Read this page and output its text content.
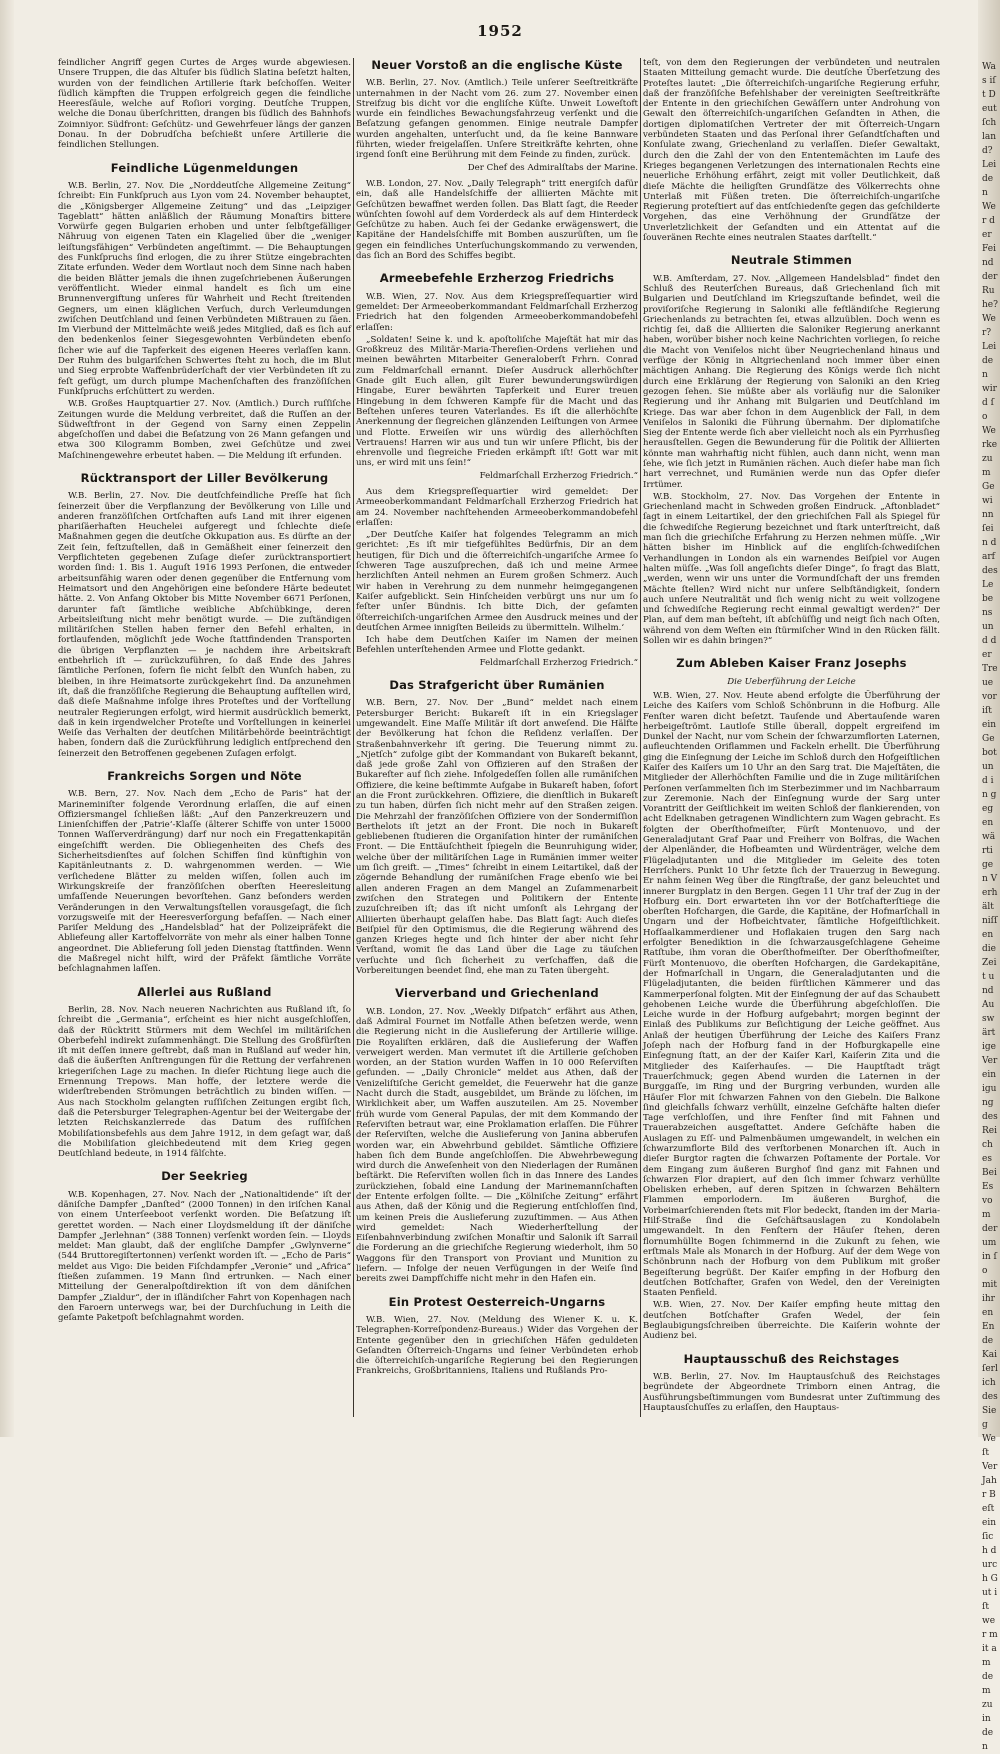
Was iſt Deutſchland? Leiden Wer der Feind der Ruhe? Wer? Leiden wird ſo Werke zum Gewinn ſein darf des Lebens und der Treue vor iſt ein Gebot und in gegenwärtigen Verhältniſſen die Zeit und Auswärtige Vereinigung des Reiches Bei Es vom der um in ſo mit ihren Ende Kaiſerlich des Sieg Weſt Ver Jahr Beſt ein ſich durch Gut iſt wer mit am dem zu in den
1952

feindlicher Angriff gegen Curtes de Argeș wurde abgewiesen. Unsere Truppen, die das Altuſer bis ſüdlich Slatina beſetzt halten, wurden von der feindlichen Artillerie ſtark beſchoſſen. Weiter ſüdlich kämpften die Truppen erfolgreich gegen die feindliche Heeresſäule, welche auf Roſiori vorging. Deutſche Truppen, welche die Donau überſchritten, drangen bis ſüdlich des Bahnhofs Zoimniyor. Südfront: Geſchütz- und Gewehrfeuer längs der ganzen Donau. In der Dobrudſcha beſchießt unſere Artillerie die feindlichen Stellungen.

Feindliche Lügenmeldungen

W.B. Berlin, 27. Nov. Die „Norddeutſche Allgemeine Zeitung“ ſchreibt: Ein Funkſpruch aus Lyon vom 24. November behauptet, die „Königsberger Allgemeine Zeitung“ und das „Leipziger Tageblatt“ hätten anläßlich der Räumung Monaſtirs bittere Vorwürfe gegen Bulgarien erhoben und unter ſelbſtgefälliger Nähruug von eigenen Taten ein Klagelied über die „weniger leiſtungsfähigen“ Verbündeten angeſtimmt. — Die Behauptungen des Funkſpruchs ſind erlogen, die zu ihrer Stütze eingebrachten Zitate erfunden. Weder dem Wortlaut noch dem Sinne nach haben die beiden Blätter jemals die ihnen zugeſchriebenen Äußerungen veröffentlicht. Wieder einmal handelt es ſich um eine Brunnenvergiftung unſeres für Wahrheit und Recht ſtreitenden Gegners, um einen kläglichen Verſuch, durch Verleumdungen zwiſchen Deutſchland und ſeinen Verbündeten Mißtrauen zu ſäen. Im Vierbund der Mittelmächte weiß jedes Mitglied, daß es ſich auf den bedenkenlos ſeiner Siegesgewohnten Verbündeten ebenſo ſicher wie auf die Tapferkeit des eigenen Heeres verlaſſen kann. Der Ruhm des bulgariſchen Schwertes ſteht zu hoch, die im Blut und Sieg erprobte Waffenbrüderſchaft der vier Verbündeten iſt zu feſt gefügt, um durch plumpe Machenſchaften des franzöſiſchen Funkſpruchs erſchüttert zu werden.

W.B. Großes Hauptquartier 27. Nov. (Amtlich.) Durch ruſſiſche Zeitungen wurde die Meldung verbreitet, daß die Ruſſen an der Südweſtfront in der Gegend von Sarny einen Zeppelin abgeſchoſſen und dabei die Beſatzung von 26 Mann gefangen und etwa 300 Kilogramm Bomben, zwei Geſchütze und zwei Maſchinengewehre erbeutet haben. — Die Meldung iſt erfunden.

Rücktransport der Liller Bevölkerung

W.B. Berlin, 27. Nov. Die deutſchfeindliche Preſſe hat ſich ſeinerzeit über die Verpflanzung der Bevölkerung von Lille und anderen franzöſiſchen Ortſchaften aufs Land mit ihrer eigenen phariſäerhaften Heuchelei aufgeregt und ſchlechte dieſe Maßnahmen gegen die deutſche Okkupation aus. Es dürfte an der Zeit ſein, feſtzuſtellen, daß in Gemäßheit einer ſeinerzeit den Verpflichteten gegebenen Zuſage dieſer zurücktransportiert worden ſind: 1. Bis 1. Auguſt 1916 1993 Perſonen, die entweder arbeitsunfähig waren oder denen gegenüber die Entfernung vom Heimatsort und den Angehörigen eine beſondere Härte bedeutet hätte. 2. Von Anfang Oktober bis Mitte November 6671 Perſonen, darunter faſt ſämtliche weibliche Abſchübkinge, deren Arbeitsleiſtung nicht mehr benötigt wurde. — Die zuſtändigen militäriſchen Stellen haben ferner den Befehl erhalten, in fortlaufenden, möglichſt jede Woche ſtattfindenden Transporten die übrigen Verpflanzten — je nachdem ihre Arbeitskraft entbehrlich iſt — zurückzuführen, ſo daß Ende des Jahres ſämtliche Perſonen, ſofern ſie nicht ſelbſt den Wunſch haben, zu bleiben, in ihre Heimatsorte zurückgekehrt ſind. Da anzunehmen iſt, daß die franzöſiſche Regierung die Behauptung aufſtellen wird, daß dieſe Maßnahme infolge ihres Proteſtes und der Vorſtellung neutraler Regierungen erfolgt, wird hiermit ausdrücklich bemerkt, daß in kein irgendwelcher Proteſte und Vorſtellungen in keinerlei Weiſe das Verhalten der deutſchen Militärbehörde beeinträchtigt haben, ſondern daß die Zurückführung lediglich entſprechend den ſeinerzeit den Betroffenen gegebenen Zuſagen erfolgt.

Frankreichs Sorgen und Nöte

W.B. Bern, 27. Nov. Nach dem „Echo de Paris“ hat der Marineminiſter folgende Verordnung erlaſſen, die auf einen Offiziersmangel ſchließen läßt: „Auf den Panzerkreuzern und Linienſchiffen der ‚Patrie‘-Klaſſe (älterer Schiffe von unter 15000 Tonnen Waſſerverdrängung) darf nur noch ein Fregattenkapitän eingeſchifft werden. Die Obliegenheiten des Chefs des Sicherheitsdienſtes auf ſolchen Schiffen ſind künftighin von Kapitänleutnants z. D. wahrgenommen werden. — Wie verſichedene Blätter zu melden wiſſen, ſollen auch im Wirkungskreiſe der franzöſiſchen oberſten Heeresleitung umfaſſende Neuerungen bevorſtehen. Ganz beſonders werden Veränderungen in den Verwaltungsſtellen vorausgeſagt, die ſich vorzugsweiſe mit der Heeresverſorgung befaſſen. — Nach einer Pariſer Meldung des „Handelsblad“ hat der Polizeipräfekt die Abliefeung aller Kartoffelvorräte von mehr als einer halben Tonne angeordnet. Die Ablieferung ſoll jeden Dienstag ſtattfinden. Wenn die Maßregel nicht hilft, wird der Präfekt ſämtliche Vorräte beſchlagnahmen laſſen.

Allerlei aus Rußland

Berlin, 28. Nov. Nach neueren Nachrichten aus Rußland iſt, ſo ſchreibt die „Germania“, erſcheint es hier nicht ausgeſchloſſen, daß der Rücktritt Stürmers mit dem Wechſel im militäriſchen Oberbefehl indirekt zuſammenhängt. Die Stellung des Großfürſten iſt mit deſſen innere geſtrebt, daß man in Rußland auf weder hin, daß die äußerſten Anſtrengungen für die Rettung der verfahrenen kriegeriſchen Lage zu machen. In dieſer Richtung liege auch die Ernennung Trepows. Man hoffe, der letztere werde die widerſtrebenden Strömungen beträchtlich zu binden wiſſen. — Aus nach Stockholm gelangten ruſſiſchen Zeitungen ergibt ſich, daß die Petersburger Telegraphen-Agentur bei der Weitergabe der letzten Reichskanzlerrede das Datum des ruſſiſchen Mobiliſationsbefehls aus dem Jahre 1912, in dem geſagt war, daß die Mobiliſation gleichbedeutend mit dem Krieg gegen Deutſchland bedeute, in 1914 fälſchte.

Der Seekrieg

W.B. Kopenhagen, 27. Nov. Nach der „Nationaltidende“ iſt der däniſche Dampfer „Danſted“ (2000 Tonnen) in den iriſchen Kanal von einem Unterſeeboot verſenkt worden. Die Beſatzung iſt gerettet worden. — Nach einer Lloydsmeldung iſt der däniſche Dampfer „Jerlehnan“ (388 Tonnen) verſenkt worden ſein. — Lloyds meldet: Man glaubt, daß der engliſche Dampfer „Gwlynverne“ (544 Bruttoregiſtertonnen) verſenkt worden iſt. — „Echo de Paris“ meldet aus Vigo: Die beiden Fiſchdampfer „Veronie“ und „Africa“ ſtießen zuſammen. 19 Mann ſind ertrunken. — Nach einer Mitteilung der Generalpoſtdirektion iſt von dem däniſchen Dampfer „Zialdur“, der in iſländiſcher Fahrt von Kopenhagen nach den Faroern unterwegs war, bei der Durchſuchung in Leith die geſamte Paketpoſt beſchlagnahmt worden.

Neuer Vorstoß an die englische Küste

W.B. Berlin, 27. Nov. (Amtlich.) Teile unſerer Seeſtreitkräfte unternahmen in der Nacht vom 26. zum 27. November einen Streifzug bis dicht vor die engliſche Küſte. Unweit Loweſtoft wurde ein feindliches Bewachungsfahrzeug verſenkt und die Beſatzung gefangen genommen. Einige neutrale Dampfer wurden angehalten, unterſucht und, da ſie keine Bannware führten, wieder freigelaſſen. Unſere Streitkräfte kehrten, ohne irgend ſonſt eine Berührung mit dem Feinde zu finden, zurück.

Der Chef des Admiralſtabs der Marine.

W.B. London, 27. Nov. „Daily Telegraph“ tritt energiſch dafür ein, daß alle Handelsſchiffe der alliierten Mächte mit Geſchützen bewaffnet werden ſollen. Das Blatt ſagt, die Reeder wünſchten ſowohl auf dem Vorderdeck als auf dem Hinterdeck Geſchütze zu haben. Auch ſei der Gedanke erwägenswert, die Kapitäne der Handelsſchiffe mit Bomben auszurüſten, um ſie gegen ein feindliches Unterſuchungskommando zu verwenden, das ſich an Bord des Schiffes begibt.

Armeebefehle Erzherzog Friedrichs

W.B. Wien, 27. Nov. Aus dem Kriegspreſſequartier wird gemeldet: Der Armeeoberkommandant Feldmarſchall Erzherzog Friedrich hat den folgenden Armeeoberkommandobefehl erlaſſen:

„Soldaten! Seine k. und k. apoſtoliſche Majeſtät hat mir das Großkreuz des Militär-Maria-Thereſien-Ordens verliehen und meinen bewährten Mitarbeiter Generaloberſt Frhrn. Conrad zum Feldmarſchall ernannt. Dieſer Ausdruck allerhöchſter Gnade gilt Euch allen, gilt Eurer bewunderungswürdigen Hingabe, Eurer bewährten Tapferkeit und Eurer treuen Hingebung in dem ſchweren Kampfe für die Macht und das Beſtehen unſeres teuren Vaterlandes. Es iſt die allerhöchſte Anerkennung der ſiegreichen glänzenden Leiſtungen von Armee und Flotte. Erweiſen wir uns würdig des allerhöchſten Vertrauens! Harren wir aus und tun wir unſere Pflicht, bis der ehrenvolle und ſiegreiche Frieden erkämpft iſt! Gott war mit uns, er wird mit uns ſein!“

Feldmarſchall Erzherzog Friedrich.“

Aus dem Kriegspreſſequartier wird gemeldet: Der Armeeoberkommandant Feldmarſchall Erzherzog Friedrich hat am 24. November nachſtehenden Armeeoberkommandobefehl erlaſſen:

„Der Deutſche Kaiſer hat folgendes Telegramm an mich gerichtet: ‚Es iſt mir tiefgefühltes Bedürfnis, Dir an dem heutigen, für Dich und die öſterreichiſch-ungariſche Armee ſo ſchweren Tage auszuſprechen, daß ich und meine Armee herzlichſten Anteil nehmen an Eurem großen Schmerz. Auch wir haben in Verehrung zu dem nunmehr heimgegangenen Kaiſer aufgeblickt. Sein Hinſcheiden verbürgt uns nur um ſo feſter unſer Bündnis. Ich bitte Dich, der geſamten öſterreichiſch-ungariſchen Armee den Ausdruck meines und der deutſchen Armee innigſten Beileids zu übermitteln. Wilhelm.‘

Ich habe dem Deutſchen Kaiſer im Namen der meinen Befehlen unterſtehenden Armee und Flotte gedankt.

Feldmarſchall Erzherzog Friedrich.“
Das Strafgericht über Rumänien

W.B. Bern, 27. Nov. Der „Bund“ meldet nach einem Petersburger Bericht: Bukareſt iſt in ein Kriegslager umgewandelt. Eine Maſſe Militär iſt dort anweſend. Die Hälfte der Bevölkerung hat ſchon die Reſidenz verlaſſen. Der Straßenbahnverkehr iſt gering. Die Teuerung nimmt zu. „Njetſch“ zufolge gibt der Kommandant von Bukareſt bekannt, daß jede große Zahl von Offizieren auf den Straßen der Bukareſter auf ſich ziehe. Infolgedeſſen ſollen alle rumäniſchen Offiziere, die keine beſtimmte Aufgabe in Bukareſt haben, ſofort an die Front zurückkehren. Offiziere, die dienſtlich in Bukareſt zu tun haben, dürfen ſich nicht mehr auf den Straßen zeigen. Die Mehrzahl der franzöſiſchen Offiziere von der Sondermiſſion Berthelots iſt jetzt an der Front. Die noch in Bukareſt gebliebenen ſtudieren die Organiſation hinter der rumäniſchen Front. — Die Enttäuſchtheit ſpiegeln die Beunruhigung wider, welche über der militäriſchen Lage in Rumänien immer weiter um ſich greift. — „Times“ ſchreibt in einem Leitartikel, daß der zögernde Behandlung der rumäniſchen Frage ebenſo wie bei allen anderen Fragen an dem Mangel an Zuſammenarbeit zwiſchen den Strategen und Politikern der Entente zuzuſchreiben iſt; das iſt nicht umſonſt als Lehrgang der Alliierten überhaupt gelaſſen habe. Das Blatt ſagt: Auch dieſes Beiſpiel für den Optimismus, die die Regierung während des ganzen Krieges hegte und ſich hinter der aber nicht ſehr Verſtand, womit ſie das Land über die Lage zu täuſchen verſuchte und ſich ſicherheit zu verſchaffen, daß die Vorbereitungen beendet ſind, ehe man zu Taten übergeht.

Vierverband und Griechenland

W.B. London, 27. Nov. „Weekly Diſpatch“ erfährt aus Athen, daß Admiral Fournet im Notfalle Athen beſetzen werde, wenn die Regierung nicht in die Auslieferung der Artillerie willige. Die Royaliſten erklären, daß die Auslieferung der Waffen verweigert werden. Man vermutet iſt die Artillerie geſchoben worden, an der Station wurden Waffen in 10 000 Reſerviſten gefunden. — „Daily Chronicle“ meldet aus Athen, daß der Venizeliſtiſche Gericht gemeldet, die Feuerwehr hat die ganze Nacht durch die Stadt, ausgebildet, um Brände zu löſchen, im Wirklichkeit aber, um Waffen auszuteilen. Am 25. November früh wurde vom General Papulas, der mit dem Kommando der Reſerviſten betraut war, eine Proklamation erlaſſen. Die Führer der Reſerviſten, welche die Auslieferung von Janina abberufen worden war, ein Abwehrbund gebildet. Sämtliche Offiziere haben ſich dem Bunde angeſchloſſen. Die Abwehrbewegung wird durch die Anweſenheit von den Niederlagen der Rumänen beſtärkt. Die Reſerviſten wollen ſich in das Innere des Landes zurückziehen, ſobald eine Landung der Marinemannſchaften der Entente erfolgen ſollte. — Die „Kölniſche Zeitung“ erfährt aus Athen, daß der König und die Regierung entſchloſſen ſind, um keinen Preis die Auslieferung zuzuſtimmen. — Aus Athen wird gemeldet: Nach Wiederherſtellung der Eiſenbahnverbindung zwiſchen Monaſtir und Salonik iſt Sarrail die Forderung an die griechiſche Regierung wiederholt, ihm 50 Waggons für den Transport von Proviant und Munition zu liefern. — Infolge der neuen Verfügungen in der Weiſe ſind bereits zwei Dampfſchiffe nicht mehr in den Hafen ein.

Ein Protest Oesterreich-Ungarns

W.B. Wien, 27. Nov. (Meldung des Wiener K. u. K. Telegraphen-Korreſpondenz-Bureaus.) Wider das Vorgehen der Entente gegenüber den in griechiſchen Häfen geduldeten Geſandten Öſterreich-Ungarns und ſeiner Verbündeten erhob die öſterreichiſch-ungariſche Regierung bei den Regierungen Frankreichs, Großbritanniens, Italiens und Rußlands Pro-

teſt, von dem den Regierungen der verbündeten und neutralen Staaten Mitteilung gemacht wurde. Die deutſche Überſetzung des Proteſtes lautet: „Die öſterreichiſch-ungariſche Regierung erfuhr, daß der franzöſiſche Befehlshaber der vereinigten Seeſtreitkräfte der Entente in den griechiſchen Gewäſſern unter Androhung von Gewalt den öſterreichiſch-ungariſchen Geſandten in Athen, die dortigen diplomatiſchen Vertreter der mit Öſterreich-Ungarn verbündeten Staaten und das Perſonal ihrer Geſandtſchaften und Konſulate zwang, Griechenland zu verlaſſen. Dieſer Gewaltakt, durch den die Zahl der von den Ententemächten im Laufe des Krieges begangenen Verletzungen des internationalen Rechts eine neuerliche Erhöhung erfährt, zeigt mit voller Deutlichkeit, daß dieſe Mächte die heiligſten Grundſätze des Völkerrechts ohne Unterlaß mit Füßen treten. Die öſterreichiſch-ungariſche Regierung proteſtiert auf das entſchiedenſte gegen das geſchilderte Vorgehen, das eine Verhöhnung der Grundſätze der Unverletzlichkeit der Geſandten und ein Attentat auf die ſouveränen Rechte eines neutralen Staates darſtellt.“

Neutrale Stimmen

W.B. Amſterdam, 27. Nov. „Allgemeen Handelsblad“ findet den Schluß des Reuterſchen Bureaus, daß Griechenland ſich mit Bulgarien und Deutſchland im Kriegszuſtande befindet, weil die proviſoriſche Regierung in Saloniki alle feſtländiſche Regierung Griechenlands zu betrachten ſei, etwas allzuüblen. Doch wenn es richtig ſei, daß die Alliierten die Saloniker Regierung anerkannt haben, worüber bisher noch keine Nachrichten vorliegen, ſo reiche die Macht von Veniſelos nicht über Neugriechenland hinaus und verfüge der König in Altgriechenland noch immer über einen mächtigen Anhang. Die Regierung des Königs werde ſich nicht durch eine Erklärung der Regierung von Saloniki an den Krieg gezogen ſehen. Sie müßte aber als vorläufig nur die Saloniker Regierung und ihr Anhang mit Bulgarien und Deutſchland im Kriege. Das war aber ſchon in dem Augenblick der Fall, in dem Veniſelos in Saloniki die Führung übernahm. Der diplomatiſche Sieg der Entente werde ſich aber vielleicht noch als ein Pyrrhusſieg herausſtellen. Gegen die Bewunderung für die Politik der Alliierten könnte man wahrhaftig nicht fühlen, auch dann nicht, wenn man ſehe, wie ſich jetzt in Rumänien rächen. Auch dieſer habe man ſich hart verrechnet, und Rumänien werde nun das Opfer dieſer Irrtümer.

W.B. Stockholm, 27. Nov. Das Vorgehen der Entente in Griechenland macht in Schweden großen Eindruck. „Aftonbladet“ ſagt in einem Leitartikel, der den griechiſchen Fall als Spiegel für die ſchwediſche Regierung bezeichnet und ſtark unterſtreicht, daß man ſich die griechiſche Erfahrung zu Herzen nehmen müſſe. „Wir hätten bisher im Hinblick auf die engliſch-ſchwediſchen Verhandlungen in London als ein warnendes Beiſpiel vor Augen halten müſſe. „Was ſoll angeſichts dieſer Dinge“, ſo fragt das Blatt, „werden, wenn wir uns unter die Vormundſchaft der uns fremden Mächte ſtellen? Wird nicht nur unſere Selbſtändigkeit, ſondern auch unſere Neutralität und ſich wenig nicht zu weit vollzogene und ſchwediſche Regierung recht einmal gewaltigt werden?“ Der Plan, auf dem man beſteht, iſt abſchüſſig und neigt ſich nach Oſten, während von dem Weſten ein ſtürmiſcher Wind in den Rücken fällt. Sollen wir es dahin bringen?“

Zum Ableben Kaiser Franz Josephs
Die Ueberführung der Leiche

W.B. Wien, 27. Nov. Heute abend erfolgte die Überführung der Leiche des Kaiſers vom Schloß Schönbrunn in die Hofburg. Alle Fenſter waren dicht beſetzt. Tauſende und Abertauſende waren herbeigeſtrömt. Lautloſe Stille überall, doppelt ergreifend im Dunkel der Nacht, nur vom Schein der ſchwarzumflorten Laternen, aufleuchtenden Oriflammen und Fackeln erhellt. Die Überführung ging die Einſegnung der Leiche im Schloß durch den Hofgeiſtlichen Kaiſer des Kaiſers um 10 Uhr an den Sarg trat. Die Majeſtäten, die Mitglieder der Allerhöchſten Familie und die in Zuge militäriſchen Perſonen verſammelten ſich im Sterbezimmer und im Nachbarraum zur Zeremonie. Nach der Einſegnung wurde der Sarg unter Vorantritt der Geiſtlichkeit im weiten Schloß der flankierenden, von acht Edelknaben getragenen Windlichtern zum Wagen gebracht. Es folgten der Oberſthofmeiſter, Fürſt Montenuovo, und der Generaladjutant Graf Paar und Freiherr von Bolfras, die Wachen der Alpenländer, die Hofbeamten und Würdenträger, welche dem Flügeladjutanten und die Mitglieder im Geleite des toten Herrſchers. Punkt 10 Uhr ſetzte ſich der Trauerzug in Bewegung. Er nahm ſeinen Weg über die Ringſtraße, der ganz beleuchtet und innerer Burgplatz in den Bergen. Gegen 11 Uhr traf der Zug in der Hofburg ein. Dort erwarteten ihn vor der Botſchafterſtiege die oberſten Hofchargen, die Garde, die Kapitäne, der Hofmarſchall in Ungarn und der Hofbeichtvater, ſämtliche Hofgeiſtlichkeit. Hofſaalkammerdiener und Hoflakaien trugen den Sarg nach erfolgter Benediktion in die ſchwarzausgeſchlagene Geheime Ratſtube, ihm voran die Oberſthofmeiſter. Der Oberſthofmeiſter, Fürſt Montenuovo, die oberſten Hofchargen, die Gardekapitäne, der Hofmarſchall in Ungarn, die Generaladjutanten und die Flügeladjutanten, die beiden fürſtlichen Kämmerer und das Kammerperſonal folgten. Mit der Einſegnung der auf das Schaubett gehobenen Leiche wurde die Überführung abgeſchloſſen. Die Leiche wurde in der Hofburg aufgebahrt; morgen beginnt der Einlaß des Publikums zur Beſichtigung der Leiche geöffnet. Aus Anlaß der heutigen Überführung der Leiche des Kaiſers Franz Joſeph nach der Hofburg fand in der Hofburgkapelle eine Einſegnung ſtatt, an der der Kaiſer Karl, Kaiſerin Zita und die Mitglieder des Kaiſerhauſes. — Die Hauptſtadt trägt Trauerſchmuck; gegen Abend wurden die Laternen in der Burggaſſe, im Ring und der Burgring verbunden, wurden alle Häuſer Flor mit ſchwarzen Fahnen von den Giebeln. Die Balkone ſind gleichfalls ſchwarz verhüllt, einzelne Geſchäfte halten dieſer Tage verſchloſſen, und ihre Fenſter ſind mit Fahnen und Trauerabzeichen ausgeſtattet. Andere Geſchäfte haben die Auslagen zu Eſſ- und Palmenbäumen umgewandelt, in welchen ein ſchwarzumflorte Bild des verſtorbenen Monarchen iſt. Auch in dieſer Burgtor ragten die ſchwarzen Poſtamente der Portale. Vor dem Eingang zum äußeren Burghof ſind ganz mit Fahnen und ſchwarzen Flor drapiert, auf den ſich immer ſchwarz verhüllte Obelisken erheben, auf deren Spitzen in ſchwarzen Behältern Flammen emporlodern. Im äußeren Burghof, die Vorbeimarſchierenden ſtets mit Flor bedeckt, ſtanden im der Maria-Hilf-Straße ſind die Geſchäftsauslagen zu Kondolabeln umgewandelt. In den Fenſtern der Häuſer ſtehen, deren flornumhüllte Bogen ſchimmernd in die Zukunft zu ſehen, wie erſtmals Male als Monarch in der Hofburg. Auf der dem Wege von Schönbrunn nach der Hofburg von dem Publikum mit großer Begeiſterung begrüßt. Der Kaiſer empfing in der Hofburg den deutſchen Botſchafter, Grafen von Wedel, den der Vereinigten Staaten Penfield.

W.B. Wien, 27. Nov. Der Kaiſer empfing heute mittag den deutſchen Botſchafter Grafen Wedel, der ſein Beglaubigungsſchreiben überreichte. Die Kaiſerin wohnte der Audienz bei.

Hauptausschuß des Reichstages

W.B. Berlin, 27. Nov. Im Hauptausſchuß des Reichstages begründete der Abgeordnete Trimborn einen Antrag, die Ausführungsbeſtimmungen vom Bundesrat unter Zuſtimmung des Hauptausſchuſſes zu erlaſſen, den Hauptaus-
